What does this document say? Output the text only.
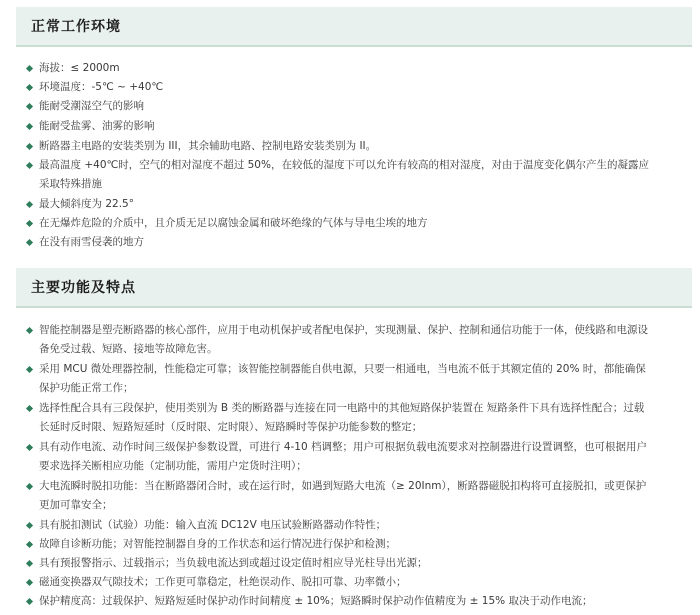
正常工作环境
海拔：≤ 2000m
环境温度：-5℃ ~ +40℃
能耐受潮湿空气的影响
能耐受盐雾、油雾的影响
断路器主电路的安装类别为 III，其余辅助电路、控制电路安装类别为 II。
最高温度 +40℃时，空气的相对湿度不超过 50%，在较低的湿度下可以允许有较高的相对湿度，对由于温度变化偶尔产生的凝露应
采取特殊措施
最大倾斜度为 22.5°
在无爆炸危险的介质中，且介质无足以腐蚀金属和破坏绝缘的气体与导电尘埃的地方
在没有雨雪侵袭的地方
主要功能及特点
智能控制器是塑壳断路器的核心部件，应用于电动机保护或者配电保护，实现测量、保护、控制和通信功能于一体，使线路和电源设
备免受过载、短路、接地等故障危害。
采用 MCU 微处理器控制，性能稳定可靠；该智能控制器能自供电源，只要一相通电，当电流不低于其额定值的 20% 时，都能确保
保护功能正常工作；
选择性配合具有三段保护，使用类别为 B 类的断路器与连接在同一电路中的其他短路保护装置在 短路条件下具有选择性配合；过载
长延时反时限、短路短延时（反时限、定时限）、短路瞬时等保护功能参数的整定；
具有动作电流、动作时间三级保护参数设置，可进行 4-10 档调整；用户可根据负载电流要求对控制器进行设置调整，也可根据用户
要求选择关断相应功能（定制功能，需用户定货时注明）；
大电流瞬时脱扣功能：当在断路器闭合时，或在运行时，如遇到短路大电流（≥ 20Inm），断路器磁脱扣构将可直接脱扣，或更保护
更加可靠安全；
具有脱扣测试（试验）功能：输入直流 DC12V 电压试验断路器动作特性；
故障自诊断功能；对智能控制器自身的工作状态和运行情况进行保护和检测；
具有预报警指示、过载指示；当负载电流达到或超过设定值时相应导光柱导出光源；
磁通变换器双气隙技术；工作更可靠稳定，杜绝误动作、脱扣可靠、功率微小；
保护精度高：过载保护、短路短延时保护动作时间精度 ± 10%；短路瞬时保护动作值精度为 ± 15% 取决于动作电流；
